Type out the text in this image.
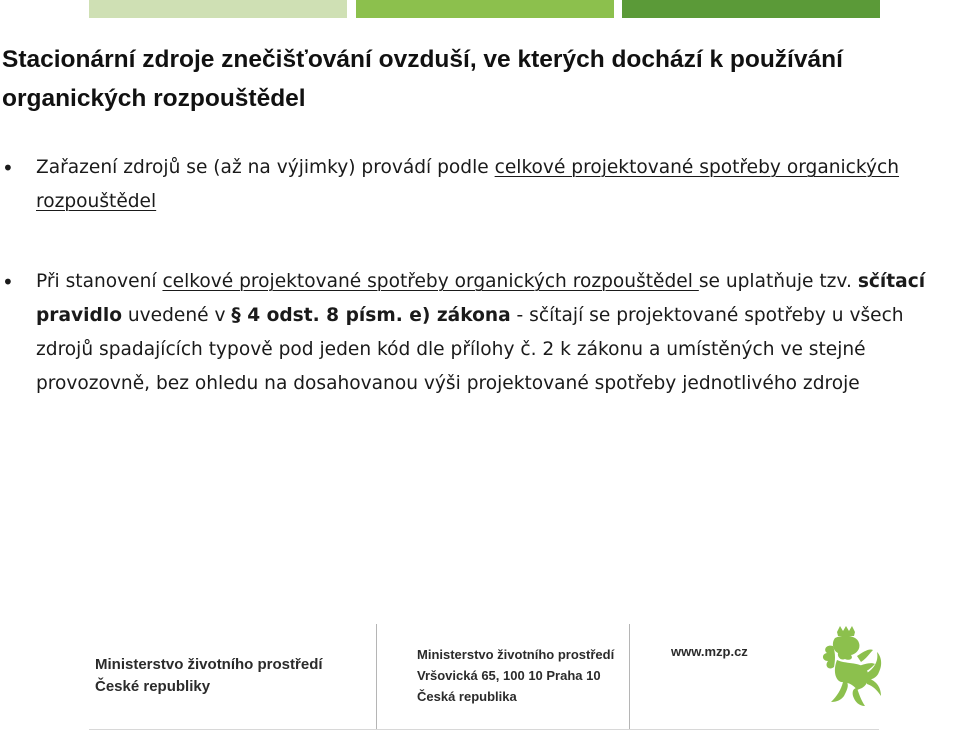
Stacionární zdroje znečišťování ovzduší, ve kterých dochází k používání organických rozpouštědel
• Zařazení zdrojů se (až na výjimky) provádí podle celkové projektované spotřeby organických rozpouštědel
• Při stanovení celkové projektované spotřeby organických rozpouštědel se uplatňuje tzv. sčítací pravidlo uvedené v § 4 odst. 8 písm. e) zákona - sčítají se projektované spotřeby u všech zdrojů spadajících typově pod jeden kód dle přílohy č. 2 k zákonu a umístěných ve stejné provozovně, bez ohledu na dosahovanou výši projektované spotřeby jednotlivého zdroje
Ministerstvo životního prostředí
České republiky
Ministerstvo životního prostředí
Vršovická 65, 100 10 Praha 10
Česká republika
www.mzp.cz
